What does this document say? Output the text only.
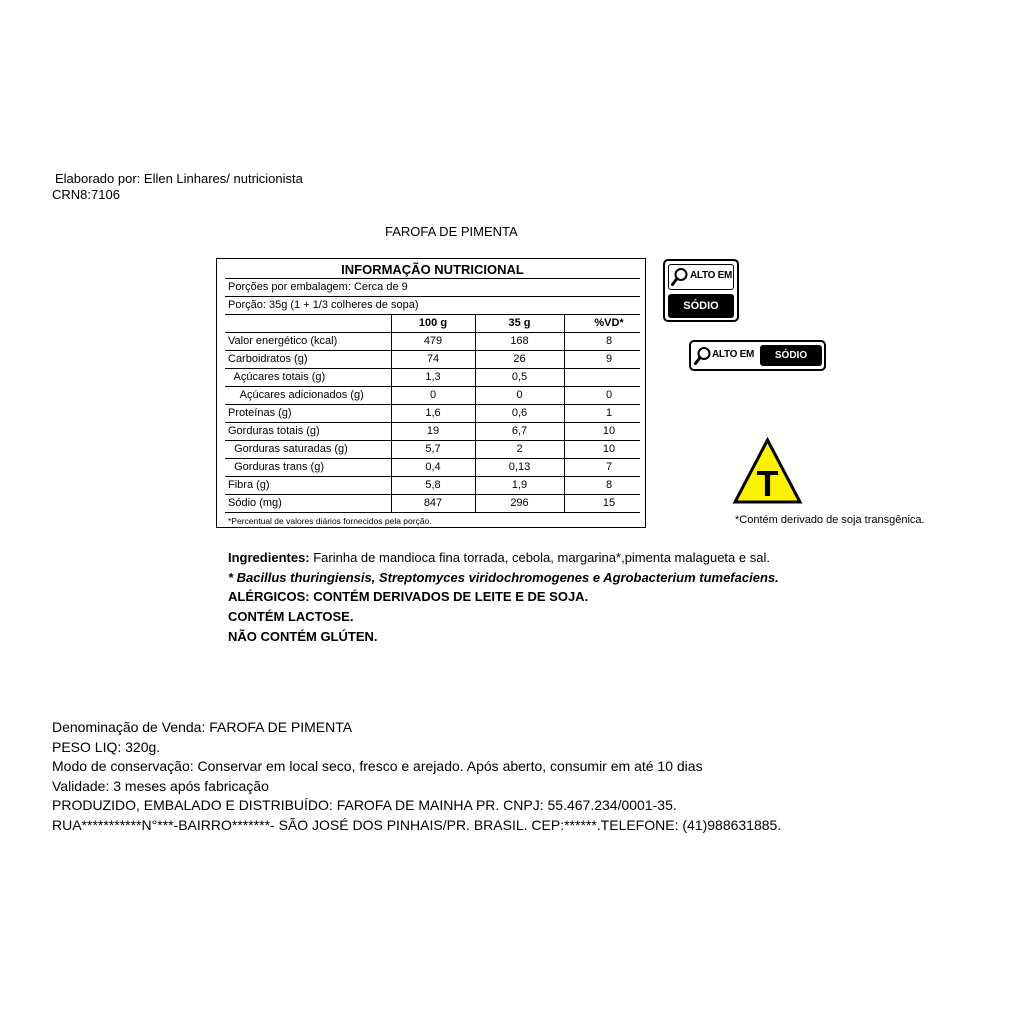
Elaborado por: Ellen Linhares/ nutricionista
CRN8:7106
FAROFA DE PIMENTA
INFORMAÇÃO NUTRICIONAL
Porções por embalagem: Cerca de 9
Porção: 35g (1 + 1/3 colheres de sopa)
100 g	35 g	%VD*
Valor energético (kcal)	479	168	8
Carboidratos (g)	74	26	9
Açúcares totais (g)	1,3	0,5
Açúcares adicionados (g)	0	0	0
Proteínas (g)	1,6	0,6	1
Gorduras totais (g)	19	6,7	10
Gorduras saturadas (g)	5,7	2	10
Gorduras trans (g)	0,4	0,13	7
Fibra (g)	5,8	1,9	8
Sódio (mg)	847	296	15
*Percentual de valores diários fornecidos pela porção.
ALTO EM
SÓDIO
ALTO EM	SÓDIO
T
*Contém derivado de soja transgênica.
Ingredientes: Farinha de mandioca fina torrada, cebola, margarina*,pimenta malagueta e sal.
* Bacillus thuringiensis, Streptomyces viridochromogenes e Agrobacterium tumefaciens.
ALÉRGICOS: CONTÉM DERIVADOS DE LEITE E DE SOJA.
CONTÉM LACTOSE.
NÃO CONTÉM GLÚTEN.
Denominação de Venda: FAROFA DE PIMENTA
PESO LIQ: 320g.
Modo de conservação: Conservar em local seco, fresco e arejado. Após aberto, consumir em até 10 dias
Validade: 3 meses após fabricação
PRODUZIDO, EMBALADO E DISTRIBUÍDO: FAROFA DE MAINHA PR. CNPJ: 55.467.234/0001-35.
RUA***********N°***-BAIRRO*******- SÃO JOSÉ DOS PINHAIS/PR. BRASIL. CEP:******.TELEFONE: (41)988631885.
